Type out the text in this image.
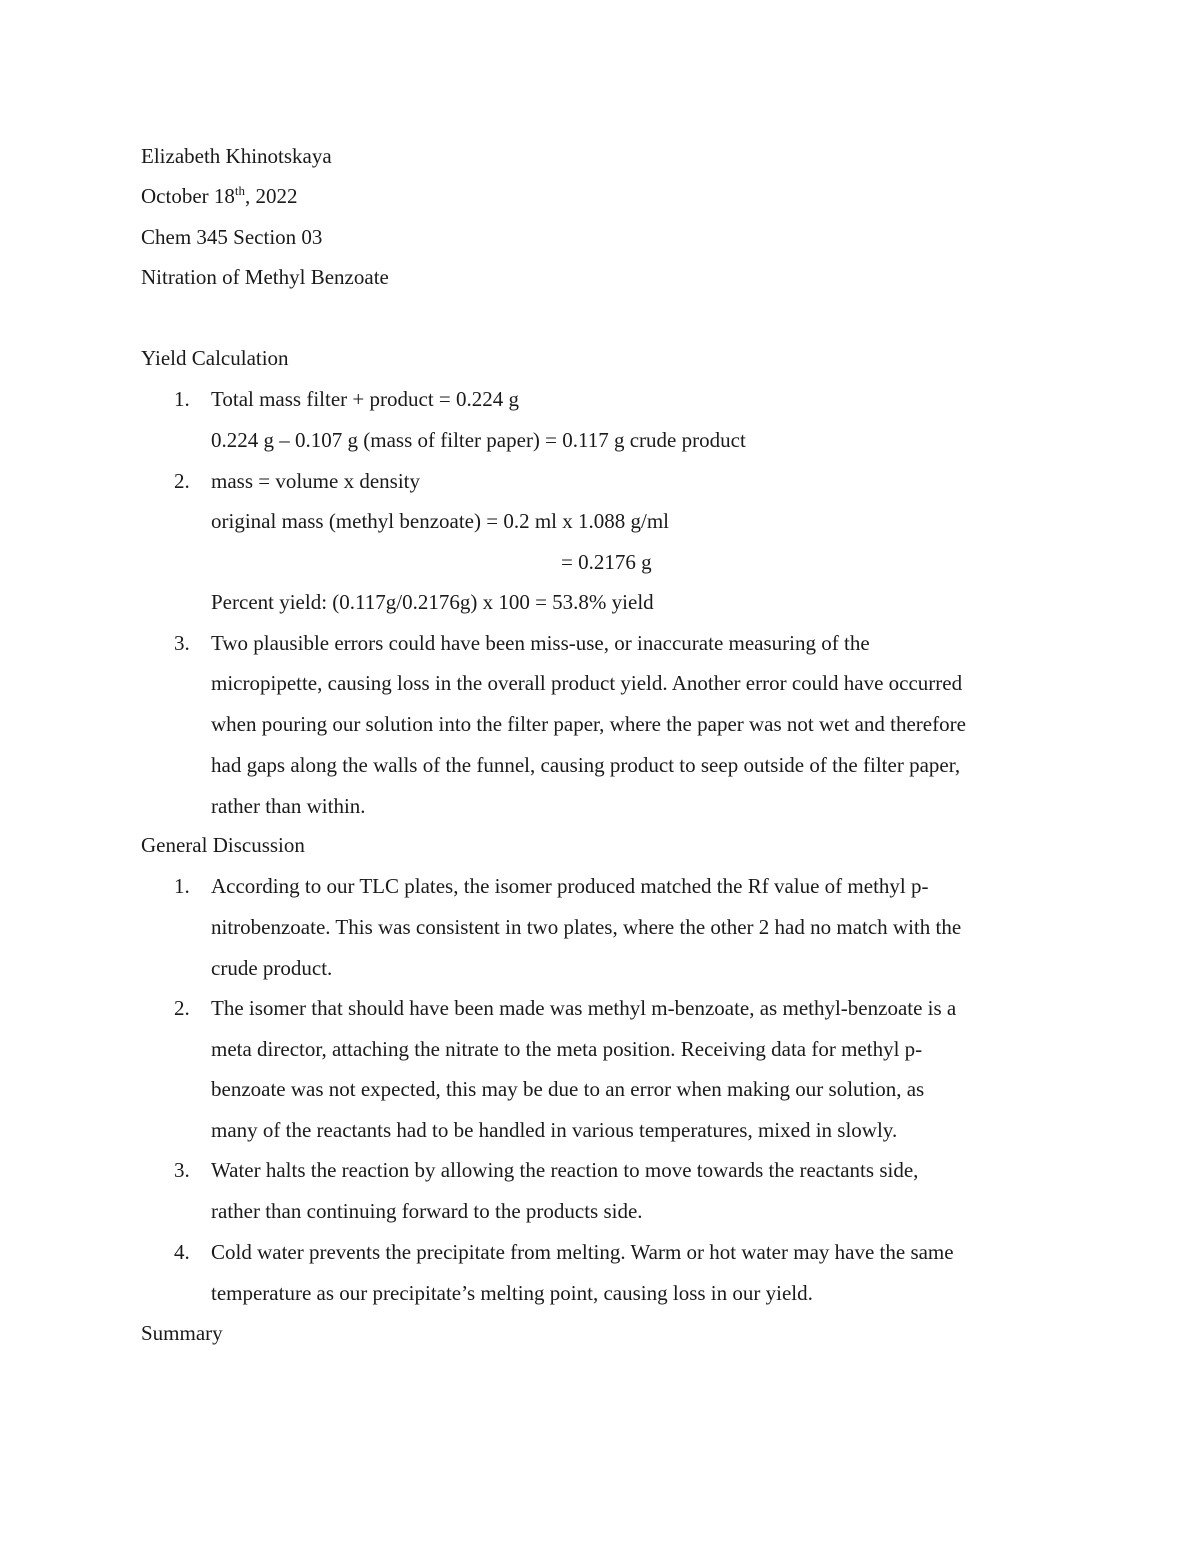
Elizabeth Khinotskaya
October 18th, 2022
Chem 345 Section 03
Nitration of Methyl Benzoate
Yield Calculation
1.	Total mass filter + product = 0.224 g
0.224 g – 0.107 g (mass of filter paper) = 0.117 g crude product
2.	mass = volume x density
original mass (methyl benzoate) = 0.2 ml x 1.088 g/ml
= 0.2176 g
Percent yield: (0.117g/0.2176g) x 100 = 53.8% yield
3.	Two plausible errors could have been miss-use, or inaccurate measuring of the
micropipette, causing loss in the overall product yield. Another error could have occurred
when pouring our solution into the filter paper, where the paper was not wet and therefore
had gaps along the walls of the funnel, causing product to seep outside of the filter paper,
rather than within.
General Discussion
1.	According to our TLC plates, the isomer produced matched the Rf value of methyl p-
nitrobenzoate. This was consistent in two plates, where the other 2 had no match with the
crude product.
2.	The isomer that should have been made was methyl m-benzoate, as methyl-benzoate is a
meta director, attaching the nitrate to the meta position. Receiving data for methyl p-
benzoate was not expected, this may be due to an error when making our solution, as
many of the reactants had to be handled in various temperatures, mixed in slowly.
3.	Water halts the reaction by allowing the reaction to move towards the reactants side,
rather than continuing forward to the products side.
4.	Cold water prevents the precipitate from melting. Warm or hot water may have the same
temperature as our precipitate’s melting point, causing loss in our yield.
Summary
